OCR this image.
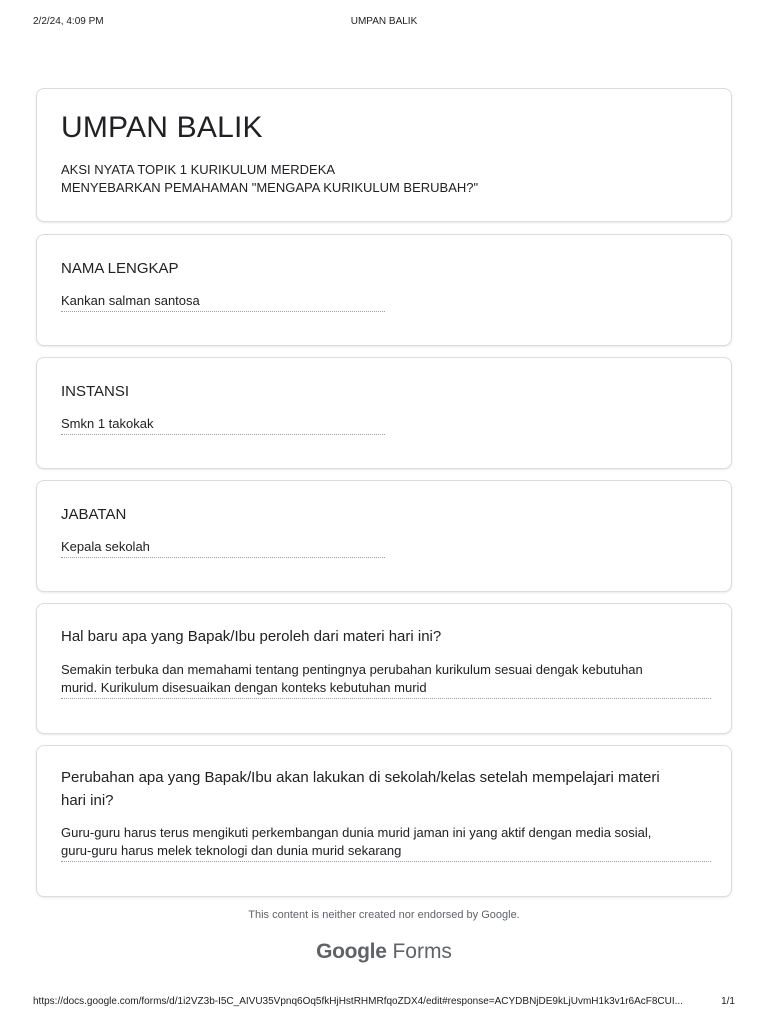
2/2/24, 4:09 PM	UMPAN BALIK
UMPAN BALIK
AKSI NYATA TOPIK 1 KURIKULUM MERDEKA
MENYEBARKAN PEMAHAMAN "MENGAPA KURIKULUM BERUBAH?"
NAMA LENGKAP
Kankan salman santosa
INSTANSI
Smkn 1 takokak
JABATAN
Kepala sekolah
Hal baru apa yang Bapak/Ibu peroleh dari materi hari ini?
Semakin terbuka dan memahami tentang pentingnya perubahan kurikulum sesuai dengak kebutuhan
murid. Kurikulum disesuaikan dengan konteks kebutuhan murid
Perubahan apa yang Bapak/Ibu akan lakukan di sekolah/kelas setelah mempelajari materi
hari ini?
Guru-guru harus terus mengikuti perkembangan dunia murid jaman ini yang aktif dengan media sosial,
guru-guru harus melek teknologi dan dunia murid sekarang
This content is neither created nor endorsed by Google.
Google Forms
https://docs.google.com/forms/d/1i2VZ3b-I5C_AIVU35Vpnq6Oq5fkHjHstRHMRfqoZDX4/edit#response=ACYDBNjDE9kLjUvmH1k3v1r6AcF8CUI...	1/1
